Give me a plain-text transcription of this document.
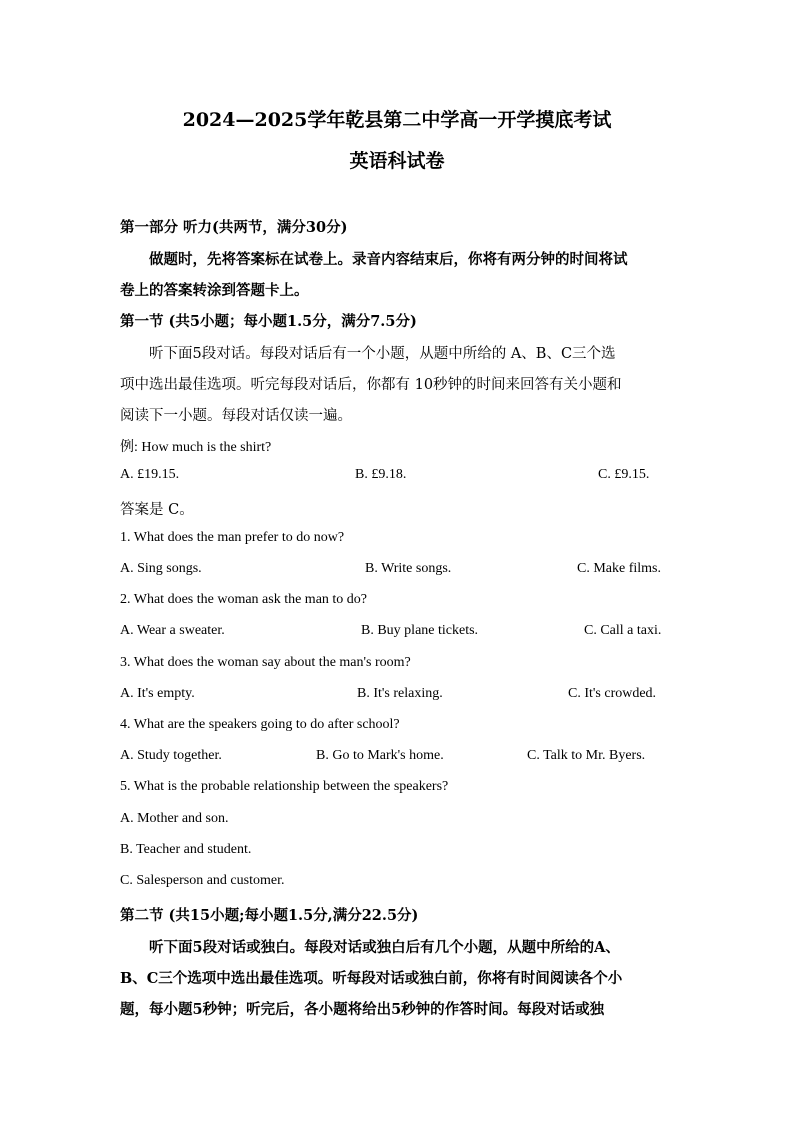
2024—2025学年乾县第二中学高一开学摸底考试
英语科试卷
第一部分 听力(共两节，满分30分)
做题时，先将答案标在试卷上。录音内容结束后，你将有两分钟的时间将试
卷上的答案转涂到答题卡上。
第一节 (共5小题；每小题1.5分，满分7.5分)
听下面5段对话。每段对话后有一个小题，从题中所给的 A、B、C三个选
项中选出最佳选项。听完每段对话后，你都有 10秒钟的时间来回答有关小题和
阅读下一小题。每段对话仅读一遍。
例: How much is the shirt?
A. £19.15.	B. £9.18.	C. £9.15.
答案是 C。
1. What does the man prefer to do now?
A. Sing songs.	B. Write songs.	C. Make films.
2. What does the woman ask the man to do?
A. Wear a sweater.	B. Buy plane tickets.	C. Call a taxi.
3. What does the woman say about the man's room?
A. It's empty.	B. It's relaxing.	C. It's crowded.
4. What are the speakers going to do after school?
A. Study together.	B. Go to Mark's home.	C. Talk to Mr. Byers.
5. What is the probable relationship between the speakers?
A. Mother and son.
B. Teacher and student.
C. Salesperson and customer.
第二节 (共15小题;每小题1.5分,满分22.5分)
听下面5段对话或独白。每段对话或独白后有几个小题，从题中所给的A、
B、C三个选项中选出最佳选项。听每段对话或独白前，你将有时间阅读各个小
题，每小题5秒钟；听完后，各小题将给出5秒钟的作答时间。每段对话或独
